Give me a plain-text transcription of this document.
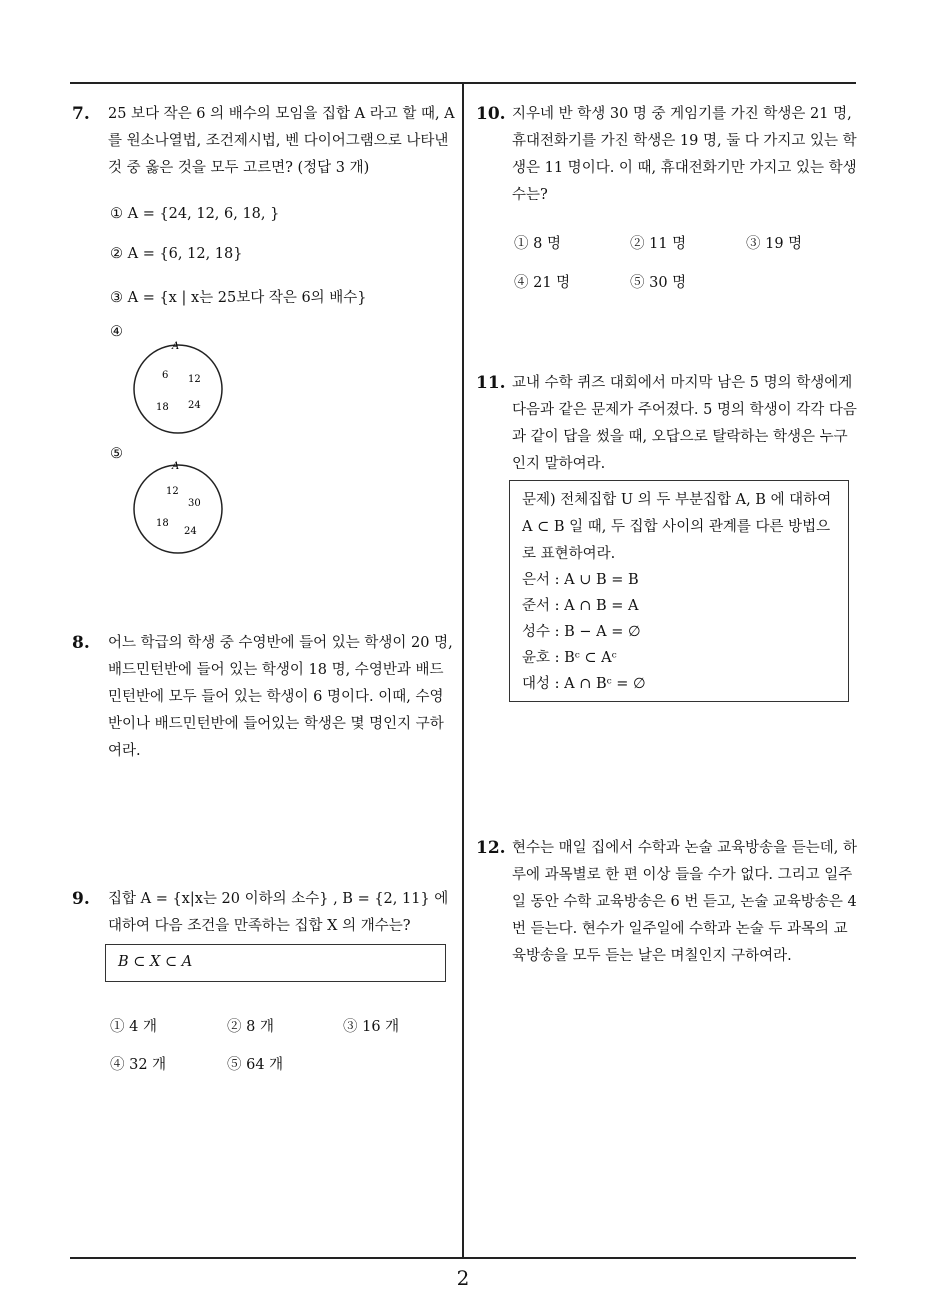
7. 25 보다 작은 6 의 배수의 모임을 집합 A 라고 할 때, A 를 원소나열법, 조건제시법, 벤 다이어그램으로 나타낸 것 중 옳은 것을 모두 고르면? (정답 3 개)
① A = {24, 12, 6, 18, }
② A = {6, 12, 18}
③ A = {x | x는 25보다 작은 6의 배수}
④
A
6 12
18 24
⑤
A
12
30
18
24
8. 어느 학급의 학생 중 수영반에 들어 있는 학생이 20 명, 배드민턴반에 들어 있는 학생이 18 명, 수영반과 배드민턴반에 모두 들어 있는 학생이 6 명이다. 이때, 수영반이나 배드민턴반에 들어있는 학생은 몇 명인지 구하여라.
9. 집합 A = {x|x는 20 이하의 소수} , B = {2, 11} 에 대하여 다음 조건을 만족하는 집합 X 의 개수는?
B ⊂ X ⊂ A
① 4 개	② 8 개	③ 16 개
④ 32 개	⑤ 64 개
10. 지우네 반 학생 30 명 중 게임기를 가진 학생은 21 명, 휴대전화기를 가진 학생은 19 명, 둘 다 가지고 있는 학생은 11 명이다. 이 때, 휴대전화기만 가지고 있는 학생 수는?
① 8 명	② 11 명	③ 19 명
④ 21 명	⑤ 30 명
11. 교내 수학 퀴즈 대회에서 마지막 남은 5 명의 학생에게 다음과 같은 문제가 주어졌다. 5 명의 학생이 각각 다음과 같이 답을 썼을 때, 오답으로 탈락하는 학생은 누구인지 말하여라.
문제) 전체집합 U 의 두 부분집합 A, B 에 대하여 A ⊂ B 일 때, 두 집합 사이의 관계를 다른 방법으로 표현하여라.
은서 : A ∪ B = B
준서 : A ∩ B = A
성수 : B − A = ∅
윤호 : Bᶜ ⊂ Aᶜ
대성 : A ∩ Bᶜ = ∅
12. 현수는 매일 집에서 수학과 논술 교육방송을 듣는데, 하루에 과목별로 한 편 이상 들을 수가 없다. 그리고 일주일 동안 수학 교육방송은 6 번 듣고, 논술 교육방송은 4 번 듣는다. 현수가 일주일에 수학과 논술 두 과목의 교육방송을 모두 듣는 날은 며칠인지 구하여라.
2
